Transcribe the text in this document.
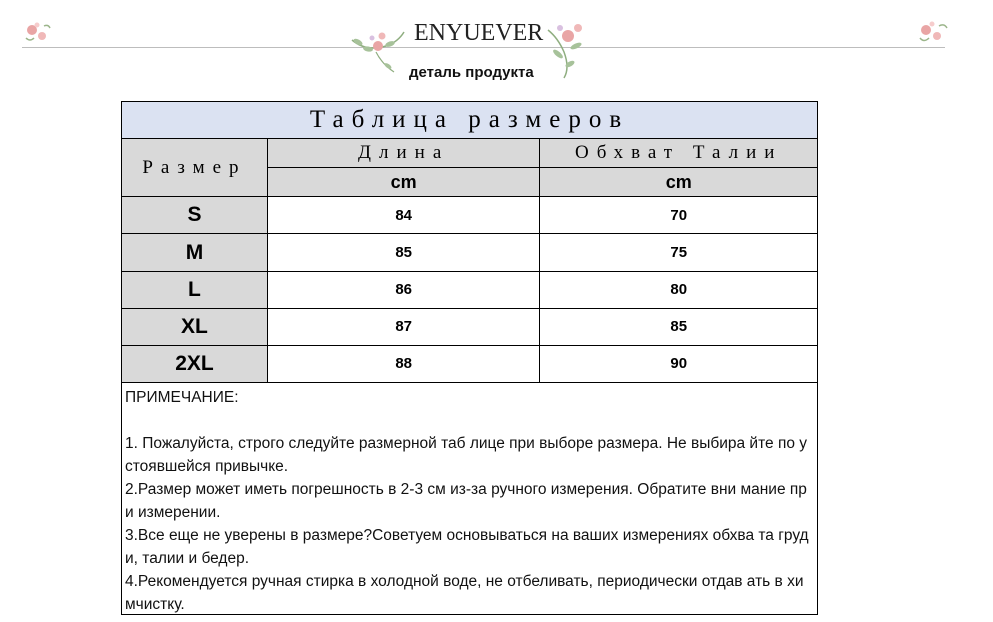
ENYUEVER
деталь продукта
Таблица размеров		
Размер	Длина	Обхват Талии
	cm	cm
S	84	70
M	85	75
L	86	80
XL	87	85
2XL	88	90
ПРИМЕЧАНИЕ:

1. Пожалуйста, строго следуйте размерной таб лице при выборе размера. Не выбира йте по устоявшейся привычке.

2.Размер может иметь погрешность в 2-3 см из-за ручного измерения. Обратите вни мание при измерении.

3.Все еще не уверены в размере?Советуем основываться на ваших измерениях обхва та груди, талии и бедер.

4.Рекомендуется ручная стирка в холодной воде, не отбеливать, периодически отдав ать в химчистку.
